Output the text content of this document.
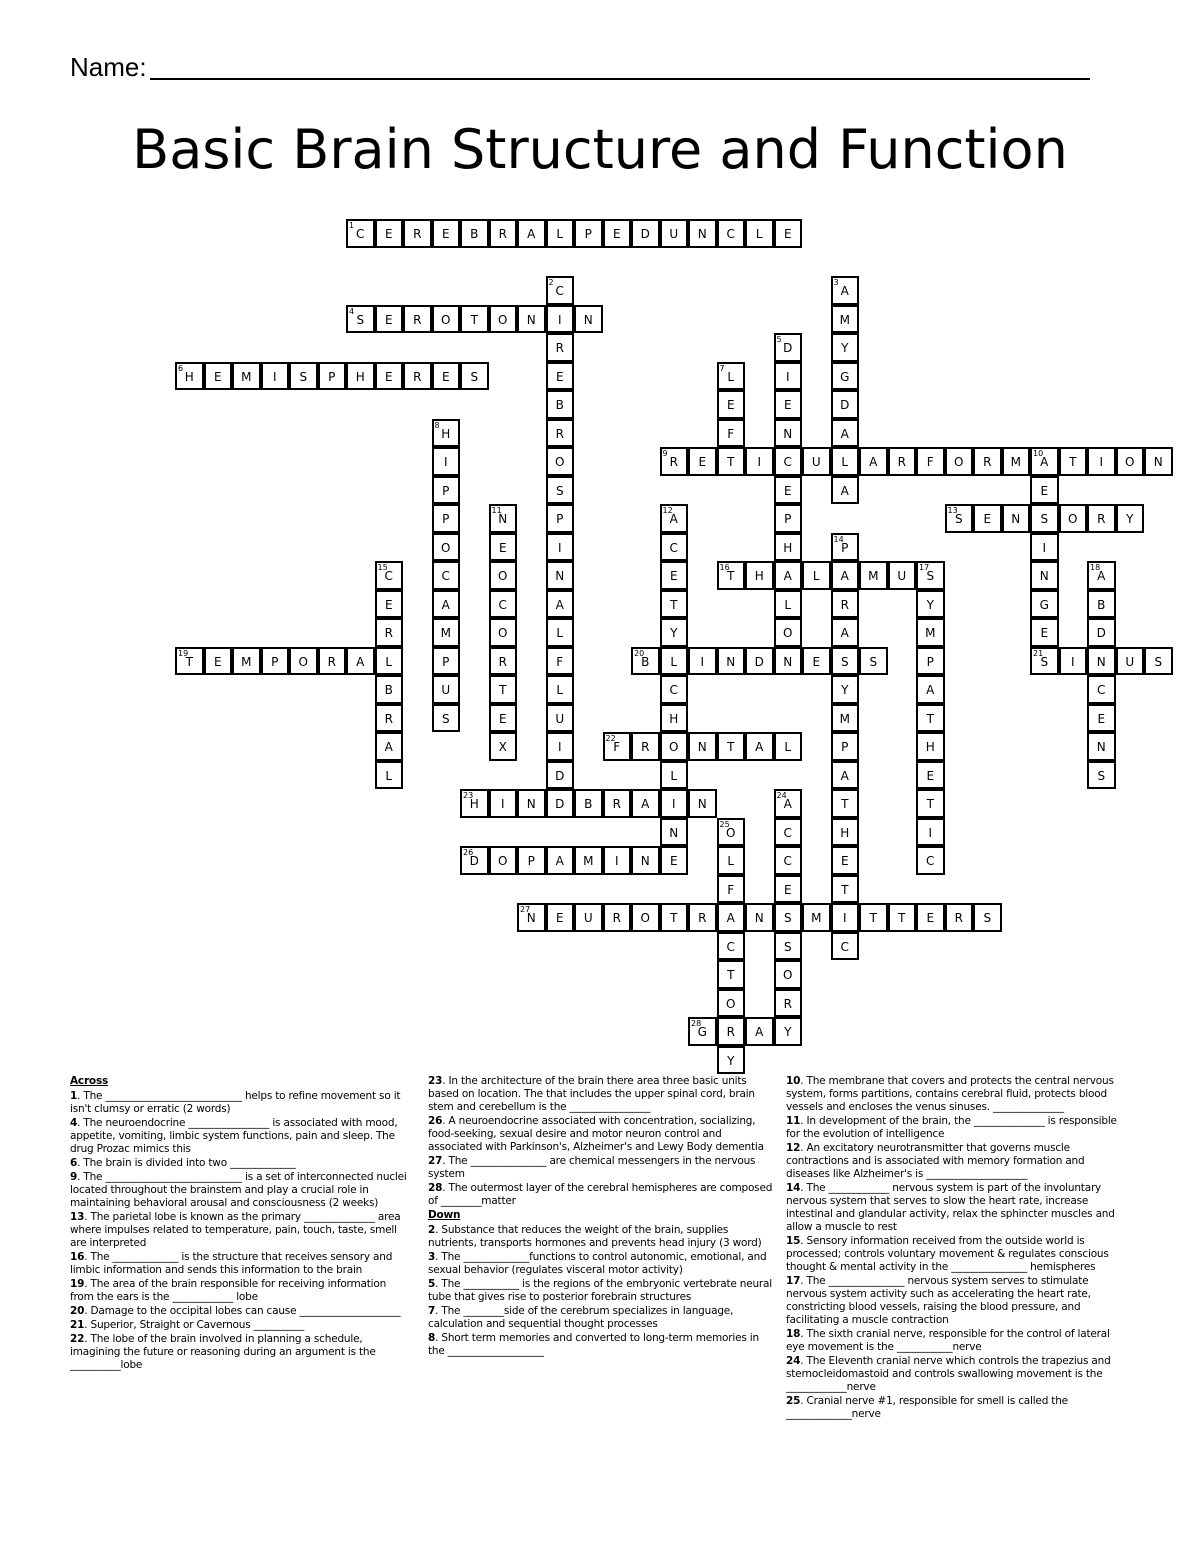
Name:
Basic Brain Structure and Function
1
C	E	R	E	B	R	A	L	P	E	D	U	N	C	L	E
4
S	E	R	O	T	O	N	I	N
6
H	E	M	I	S	P	H	E	R	E	S
9
R	E	T	I	C	U	L	A	R	F	O	R	M
10
A	T	I	O	N
13
S	E	N	S	O	R	Y
16
T	H	A	L	A	M	U
17
S
19
T	E	M	P	O	R	A	L
20
B	L	I	N	D	N	E	S	S
21
S	I	N	U	S
22
F	R	O	N	T	A	L
23
H	I	N	D	B	R	A	I	N
26
D	O	P	A	M	I	N	E
27
N	E	U	R	O	T	R	A	N	S	M	I	T	T	E	R	S
28
G	R	A	Y
2
C
R
E
B
R
O
S
P
I
N
A
L
F
L
U
I
D
3
A
M
Y
G
D
A
A
5
D
I
E
N
E
P
H
L
O
7
L
E
F
8
H
I
P
P
O
C
A
M
P
U
S
E
I
N
G
E
11
N
E
O
C
O
R
T
E
X
12
A
C
E
T
Y
C
H
L
N
14
P
R
A
Y
M
P
A
T
H
E
T
C
15
C
E
R
B
R
A
L
Y
M
P
A
T
H
E
T
I
C
18
A
B
D
C
E
N
S
24
A
C
C
E
S
O
R
25
O
L
F
C
T
O
Y

Across

1. The ___________________________ helps to refine movement so it isn't clumsy or erratic (2 words)

4. The neuroendocrine ________________ is associated with mood, appetite, vomiting, limbic system functions, pain and sleep. The drug Prozac mimics this

6. The brain is divided into two _____________

9. The ___________________________ is a set of interconnected nuclei located throughout the brainstem and play a crucial role in maintaining behavioral arousal and consciousness (2 weeks)

13. The parietal lobe is known as the primary ______________ area where impulses related to temperature, pain, touch, taste, smell are interpreted

16. The _____________ is the structure that receives sensory and limbic information and sends this information to the brain

19. The area of the brain responsible for receiving information from the ears is the ____________ lobe

20. Damage to the occipital lobes can cause ____________________

21. Superior, Straight or Cavernous __________

22. The lobe of the brain involved in planning a schedule, imagining the future or reasoning during an argument is the __________lobe

23. In the architecture of the brain there area three basic units based on location. The that includes the upper spinal cord, brain stem and cerebellum is the ________________

26. A neuroendocrine associated with concentration, socializing, food-seeking, sexual desire and motor neuron control and associated with Parkinson's, Alzheimer's and Lewy Body dementia

27. The _______________ are chemical messengers in the nervous system

28. The outermost layer of the cerebral hemispheres are composed of ________matter

Down

2. Substance that reduces the weight of the brain, supplies nutrients, transports hormones and prevents head injury (3 word)

3. The _____________functions to control autonomic, emotional, and sexual behavior (regulates visceral motor activity)

5. The ___________ is the regions of the embryonic vertebrate neural tube that gives rise to posterior forebrain structures

7. The ________side of the cerebrum specializes in language, calculation and sequential thought processes

8. Short term memories and converted to long-term memories in the ___________________

10. The membrane that covers and protects the central nervous system, forms partitions, contains cerebral fluid, protects blood vessels and encloses the venus sinuses. ______________

11. In development of the brain, the ______________ is responsible for the evolution of intelligence

12. An excitatory neurotransmitter that governs muscle contractions and is associated with memory formation and diseases like Alzheimer's is ____________________

14. The ____________ nervous system is part of the involuntary nervous system that serves to slow the heart rate, increase intestinal and glandular activity, relax the sphincter muscles and allow a muscle to rest

15. Sensory information received from the outside world is processed; controls voluntary movement & regulates conscious thought & mental activity in the _______________ hemispheres

17. The _______________ nervous system serves to stimulate nervous system activity such as accelerating the heart rate, constricting blood vessels, raising the blood pressure, and facilitating a muscle contraction

18. The sixth cranial nerve, responsible for the control of lateral eye movement is the ___________nerve

24. The Eleventh cranial nerve which controls the trapezius and sternocleidomastoid and controls swallowing movement is the ____________nerve

25. Cranial nerve #1, responsible for smell is called the _____________nerve
